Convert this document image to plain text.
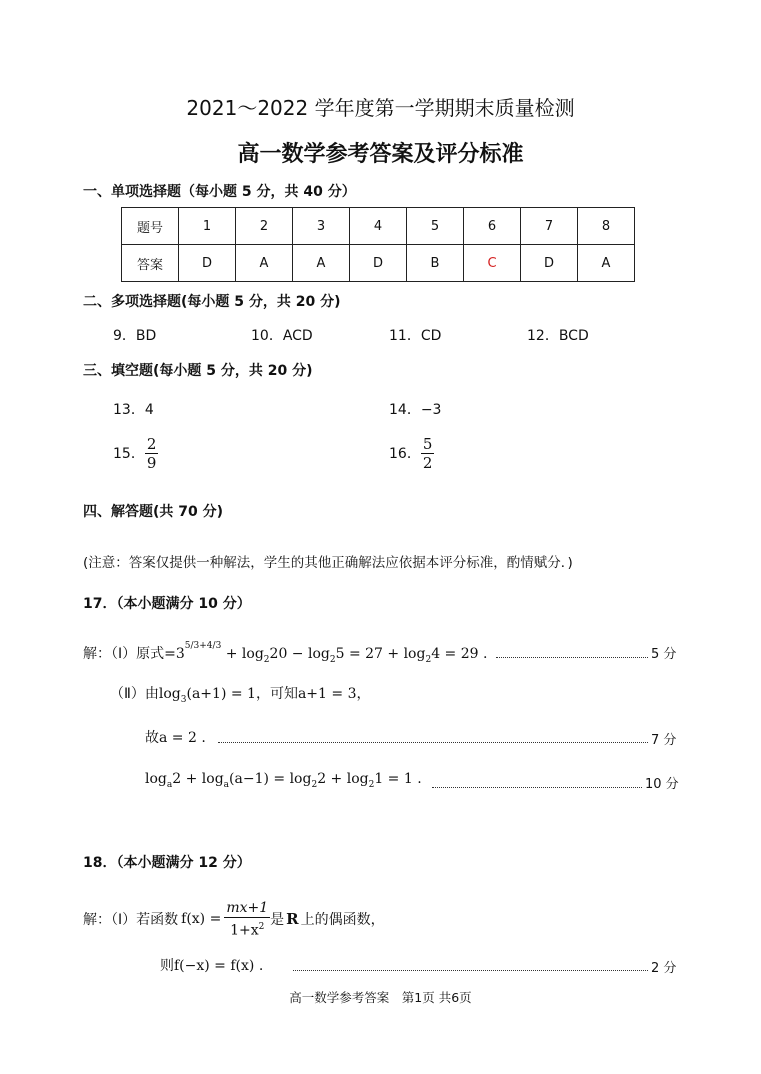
2021～2022 学年度第一学期期末质量检测
高一数学参考答案及评分标准
一、单项选择题（每小题 5 分，共 40 分）
题号	1	2	3	4	5	6	7	8
答案	D	A	A	D	B	C	D	A
二、多项选择题(每小题 5 分，共 20 分)
9．BD	10．ACD	11．CD	12．BCD
三、填空题(每小题 5 分，共 20 分)
13．4	14．−3
15． $\frac{2}{9}$	16． $\frac{5}{2}$
四、解答题(共 70 分)
(注意：答案仅提供一种解法，学生的其他正确解法应依据本评分标准，酌情赋分．)
17．（本小题满分 10 分）
解：（Ⅰ）原式$=3^{5/3+4/3} + \log_220 - \log_25 = 27 + \log_24 = 29$ .	5 分
（Ⅱ）由$\log_3(a+1) = 1$，可知a+1 = 3，
故a = 2 .	7 分
$\log_a2 + \log_a(a-1) = \log_22 + \log_21 = 1$ .	10 分
18．（本小题满分 12 分）
解：（Ⅰ）若函数 $f(x) = \frac{mx+1}{1+x^2}$ 是 R 上的偶函数，
则f(−x) = f(x) .	2 分
高一数学参考答案　第1页 共6页
